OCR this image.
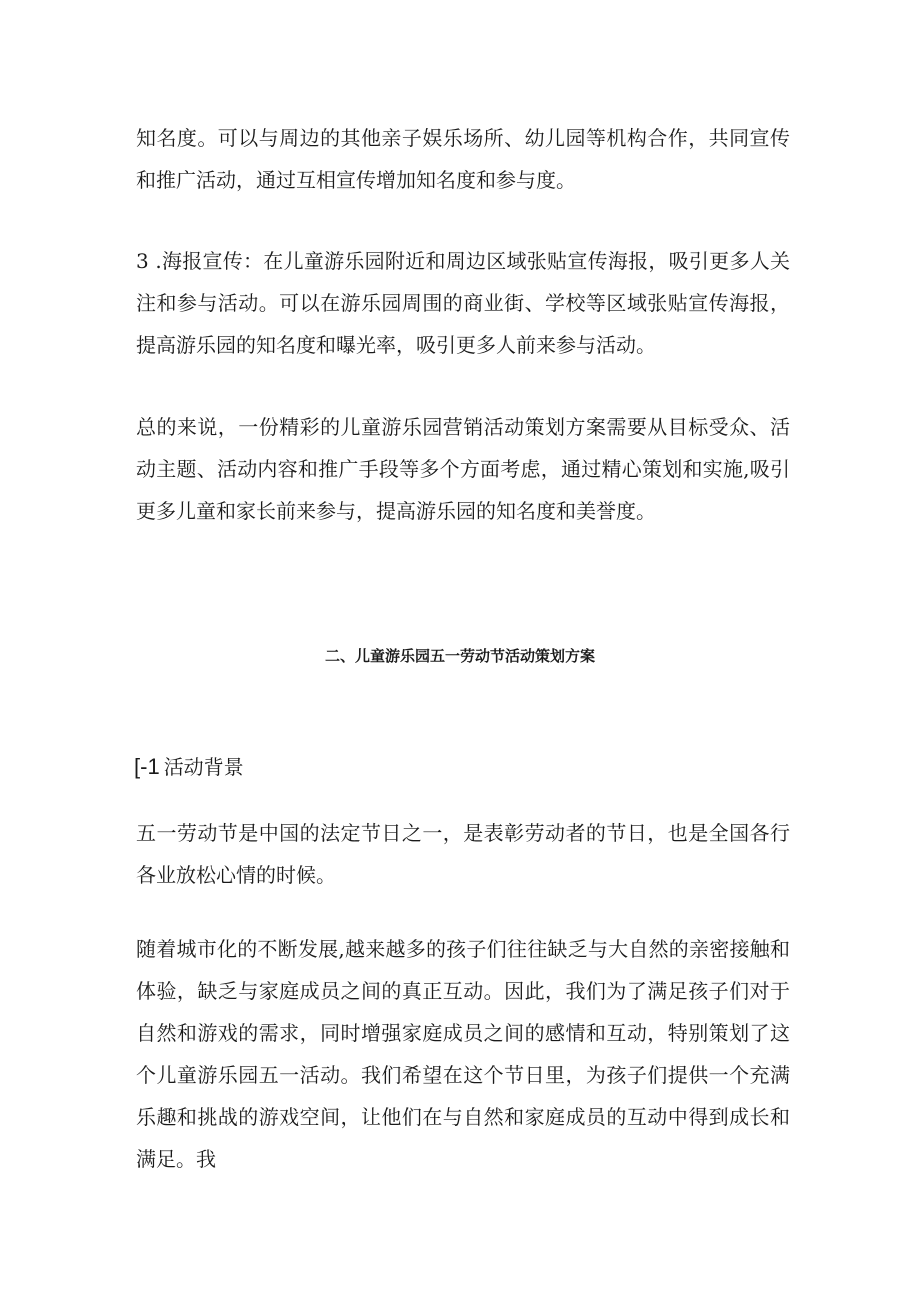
知名度。可以与周边的其他亲子娱乐场所、幼儿园等机构合作，共同宣传和推广活动，通过互相宣传增加知名度和参与度。

3 .海报宣传：在儿童游乐园附近和周边区域张贴宣传海报，吸引更多人关注和参与活动。可以在游乐园周围的商业街、学校等区域张贴宣传海报，提高游乐园的知名度和曝光率，吸引更多人前来参与活动。

总的来说，一份精彩的儿童游乐园营销活动策划方案需要从目标受众、活动主题、活动内容和推广手段等多个方面考虑，通过精心策划和实施,吸引更多儿童和家长前来参与，提高游乐园的知名度和美誉度。

二、儿童游乐园五一劳动节活动策划方案
[-1 活动背景

五一劳动节是中国的法定节日之一，是表彰劳动者的节日，也是全国各行各业放松心情的时候。

随着城市化的不断发展,越来越多的孩子们往往缺乏与大自然的亲密接触和体验，缺乏与家庭成员之间的真正互动。因此，我们为了满足孩子们对于自然和游戏的需求，同时增强家庭成员之间的感情和互动，特别策划了这个儿童游乐园五一活动。我们希望在这个节日里，为孩子们提供一个充满乐趣和挑战的游戏空间，让他们在与自然和家庭成员的互动中得到成长和满足。我
